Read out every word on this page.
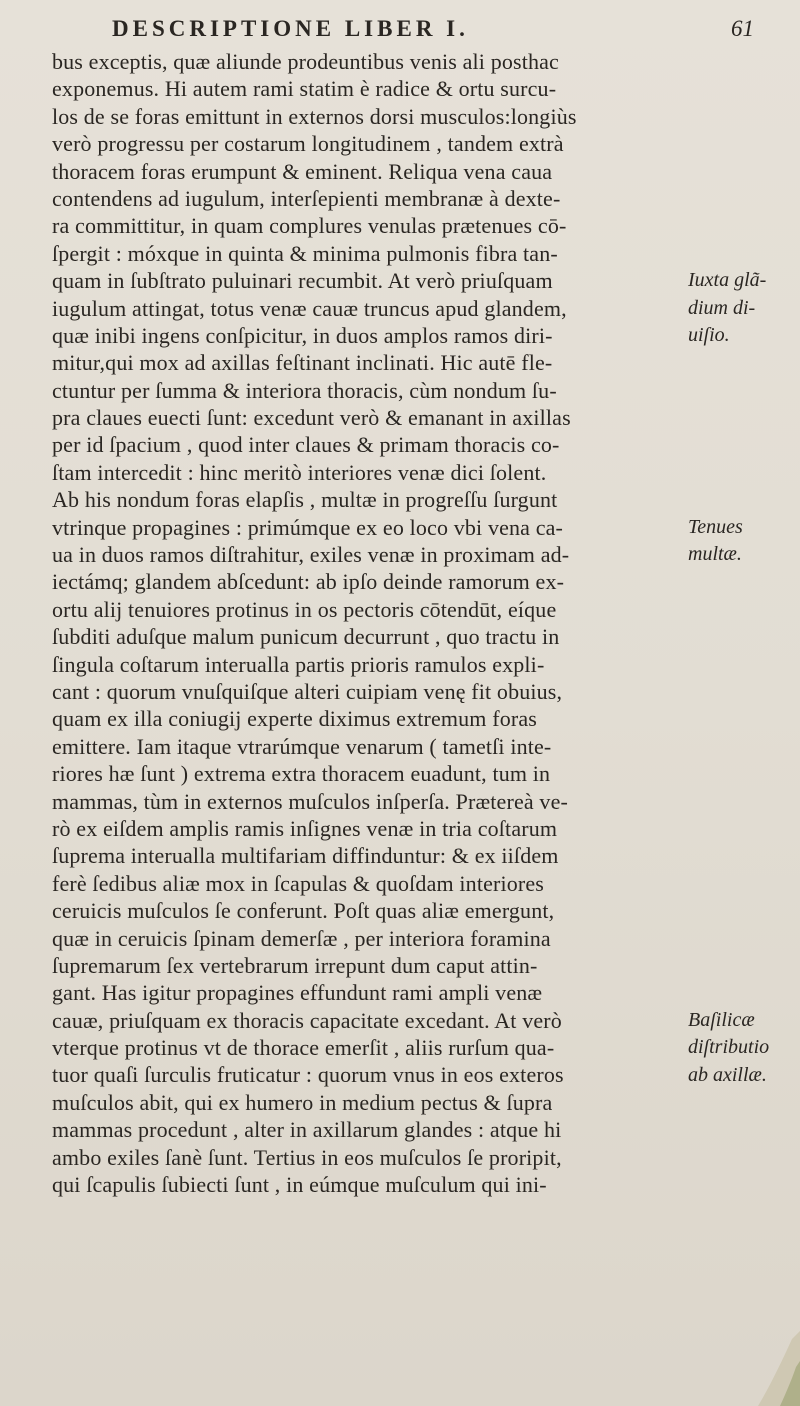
DESCRIPTIONE LIBER I.	61
bus exceptis, quæ aliunde prodeuntibus venis ali posthac
exponemus. Hi autem rami statim è radice & ortu surcu-
los de se foras emittunt in externos dorsi musculos:longiùs
verò progressu per costarum longitudinem , tandem extrà
thoracem foras erumpunt & eminent. Reliqua vena caua
contendens ad iugulum, interſepienti membranæ à dexte-
ra committitur, in quam complures venulas prætenues cō-
ſpergit : móxque in quinta & minima pulmonis fibra tan-
quam in ſubſtrato puluinari recumbit. At verò priuſquam
iugulum attingat, totus venæ cauæ truncus apud glandem,
quæ inibi ingens conſpicitur, in duos amplos ramos diri-
mitur,qui mox ad axillas feſtinant inclinati. Hic autē fle-
ctuntur per ſumma & interiora thoracis, cùm nondum ſu-
pra claues euecti ſunt: excedunt verò & emanant in axillas
per id ſpacium , quod inter claues & primam thoracis co-
ſtam intercedit : hinc meritò interiores venæ dici ſolent.
Ab his nondum foras elapſis , multæ in progreſſu ſurgunt
vtrinque propagines : primúmque ex eo loco vbi vena ca-
ua in duos ramos diſtrahitur, exiles venæ in proximam ad-
iectámq; glandem abſcedunt: ab ipſo deinde ramorum ex-
ortu alij tenuiores protinus in os pectoris cōtendūt, eíque
ſubditi aduſque malum punicum decurrunt , quo tractu in
ſingula coſtarum interualla partis prioris ramulos expli-
cant : quorum vnuſquiſque alteri cuipiam venę fit obuius,
quam ex illa coniugij experte diximus extremum foras
emittere. Iam itaque vtrarúmque venarum ( tametſi inte-
riores hæ ſunt ) extrema extra thoracem euadunt, tum in
mammas, tùm in externos muſculos inſperſa. Prætereà ve-
rò ex eiſdem amplis ramis inſignes venæ in tria coſtarum
ſuprema interualla multifariam diffinduntur: & ex iiſdem
ferè ſedibus aliæ mox in ſcapulas & quoſdam interiores
ceruicis muſculos ſe conferunt. Poſt quas aliæ emergunt,
quæ in ceruicis ſpinam demerſæ , per interiora foramina
ſupremarum ſex vertebrarum irrepunt dum caput attin-
gant. Has igitur propagines effundunt rami ampli venæ
cauæ, priuſquam ex thoracis capacitate excedant. At verò
vterque protinus vt de thorace emerſit , aliis rurſum qua-
tuor quaſi ſurculis fruticatur : quorum vnus in eos exteros
muſculos abit, qui ex humero in medium pectus & ſupra
mammas procedunt , alter in axillarum glandes : atque hi
ambo exiles ſanè ſunt. Tertius in eos muſculos ſe proripit,
qui ſcapulis ſubiecti ſunt , in eúmque muſculum qui ini-
Iuxta glã-
dium di-
uiſio.
Tenues
multæ.
Baſilicæ
diſtributio
ab axillæ.
